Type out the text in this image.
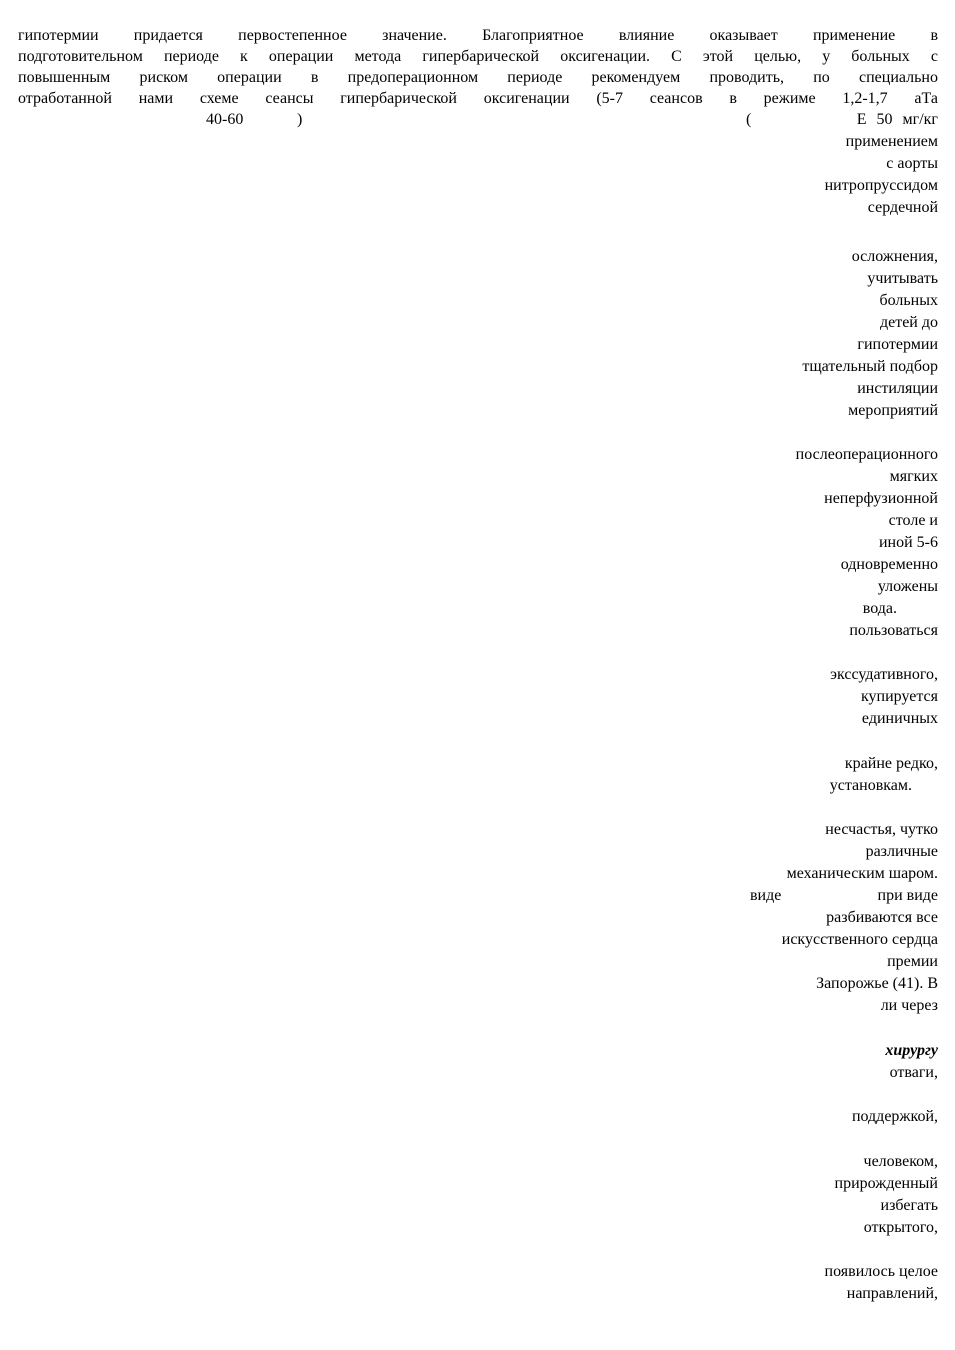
гипотермии придается первостепенное значение. Благоприятное влияние оказывает применение в
подготовительном периоде к операции метода гипербарической оксигенации. С этой целью, у больных с
повышенным риском операции в предоперационном периоде рекомендуем проводить, по специально
отработанной нами схеме сеансы гипербарической оксигенации (5-7 сеансов в режиме 1,2-1,7 аТа
40-60	)	(	Е 50 мг/кг
применением
с аорты
нитропруссидом
сердечной
осложнения,
учитывать
больных
детей до
гипотермии
тщательный подбор
инстиляции
мероприятий
послеоперационного
мягких
неперфузионной
столе и
иной 5-6
одновременно
уложены
вода.
пользоваться
экссудативного,
купируется
единичных
крайне редко,
установкам.
несчастья, чутко
различные
механическим шаром.
виде	при виде
разбиваются все
искусственного сердца
премии
Запорожье (41). В
ли через
хирургу
отваги,
поддержкой,
человеком,
прирожденный
избегать
открытого,
появилось целое
направлений,
